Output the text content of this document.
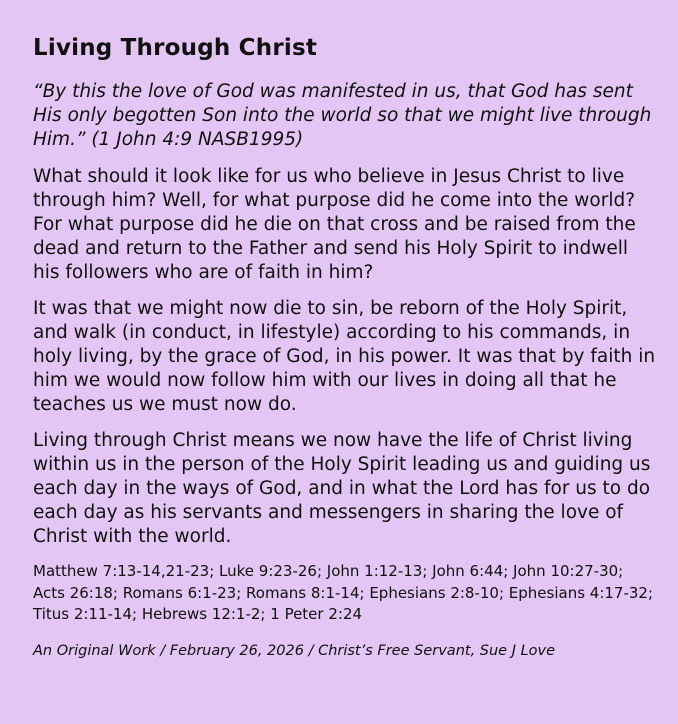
Living Through Christ

“By this the love of God was manifested in us, that God has sent His only begotten Son into the world so that we might live through Him.” (1 John 4:9 NASB1995)

What should it look like for us who believe in Jesus Christ to live through him? Well, for what purpose did he come into the world? For what purpose did he die on that cross and be raised from the dead and return to the Father and send his Holy Spirit to indwell his followers who are of faith in him?

It was that we might now die to sin, be reborn of the Holy Spirit, and walk (in conduct, in lifestyle) according to his commands, in holy living, by the grace of God, in his power. It was that by faith in him we would now follow him with our lives in doing all that he teaches us we must now do.

Living through Christ means we now have the life of Christ living within us in the person of the Holy Spirit leading us and guiding us each day in the ways of God, and in what the Lord has for us to do each day as his servants and messengers in sharing the love of Christ with the world.

Matthew 7:13-14,21-23; Luke 9:23-26; John 1:12-13; John 6:44; John 10:27-30; Acts 26:18; Romans 6:1-23; Romans 8:1-14; Ephesians 2:8-10; Ephesians 4:17-32; Titus 2:11-14; Hebrews 12:1-2; 1 Peter 2:24

An Original Work / February 26, 2026 / Christ’s Free Servant, Sue J Love
